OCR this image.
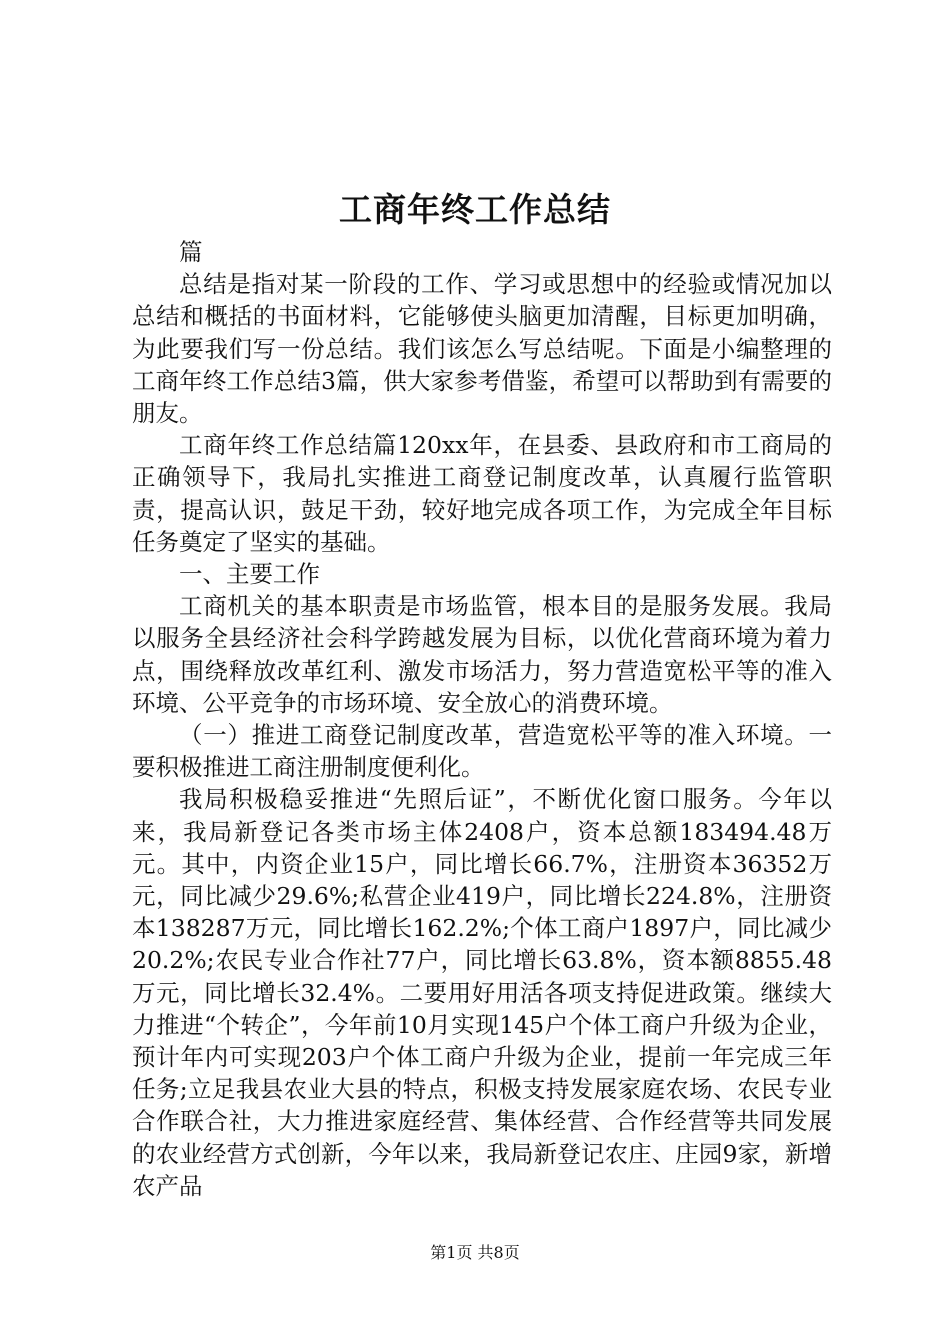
工商年终工作总结

篇

总结是指对某一阶段的工作、学习或思想中的经验或情况加以总结和概括的书面材料，它能够使头脑更加清醒，目标更加明确，为此要我们写一份总结。我们该怎么写总结呢。下面是小编整理的工商年终工作总结3篇，供大家参考借鉴，希望可以帮助到有需要的朋友。

工商年终工作总结篇120xx年，在县委、县政府和市工商局的正确领导下，我局扎实推进工商登记制度改革，认真履行监管职责，提高认识，鼓足干劲，较好地完成各项工作，为完成全年目标任务奠定了坚实的基础。

一、主要工作

工商机关的基本职责是市场监管，根本目的是服务发展。我局以服务全县经济社会科学跨越发展为目标，以优化营商环境为着力点，围绕释放改革红利、激发市场活力，努力营造宽松平等的准入环境、公平竞争的市场环境、安全放心的消费环境。

（一）推进工商登记制度改革，营造宽松平等的准入环境。一要积极推进工商注册制度便利化。

我局积极稳妥推进“先照后证”，不断优化窗口服务。今年以来，我局新登记各类市场主体2408户，资本总额183494.48万元。其中，内资企业15户，同比增长66.7%，注册资本36352万元，同比减少29.6%;私营企业419户，同比增长224.8%，注册资本138287万元，同比增长162.2%;个体工商户1897户，同比减少20.2%;农民专业合作社77户，同比增长63.8%，资本额8855.48万元，同比增长32.4%。二要用好用活各项支持促进政策。继续大力推进“个转企”，今年前10月实现145户个体工商户升级为企业，预计年内可实现203户个体工商户升级为企业，提前一年完成三年任务;立足我县农业大县的特点，积极支持发展家庭农场、农民专业合作联合社，大力推进家庭经营、集体经营、合作经营等共同发展的农业经营方式创新，今年以来，我局新登记农庄、庄园9家，新增农产品

第1页 共8页
